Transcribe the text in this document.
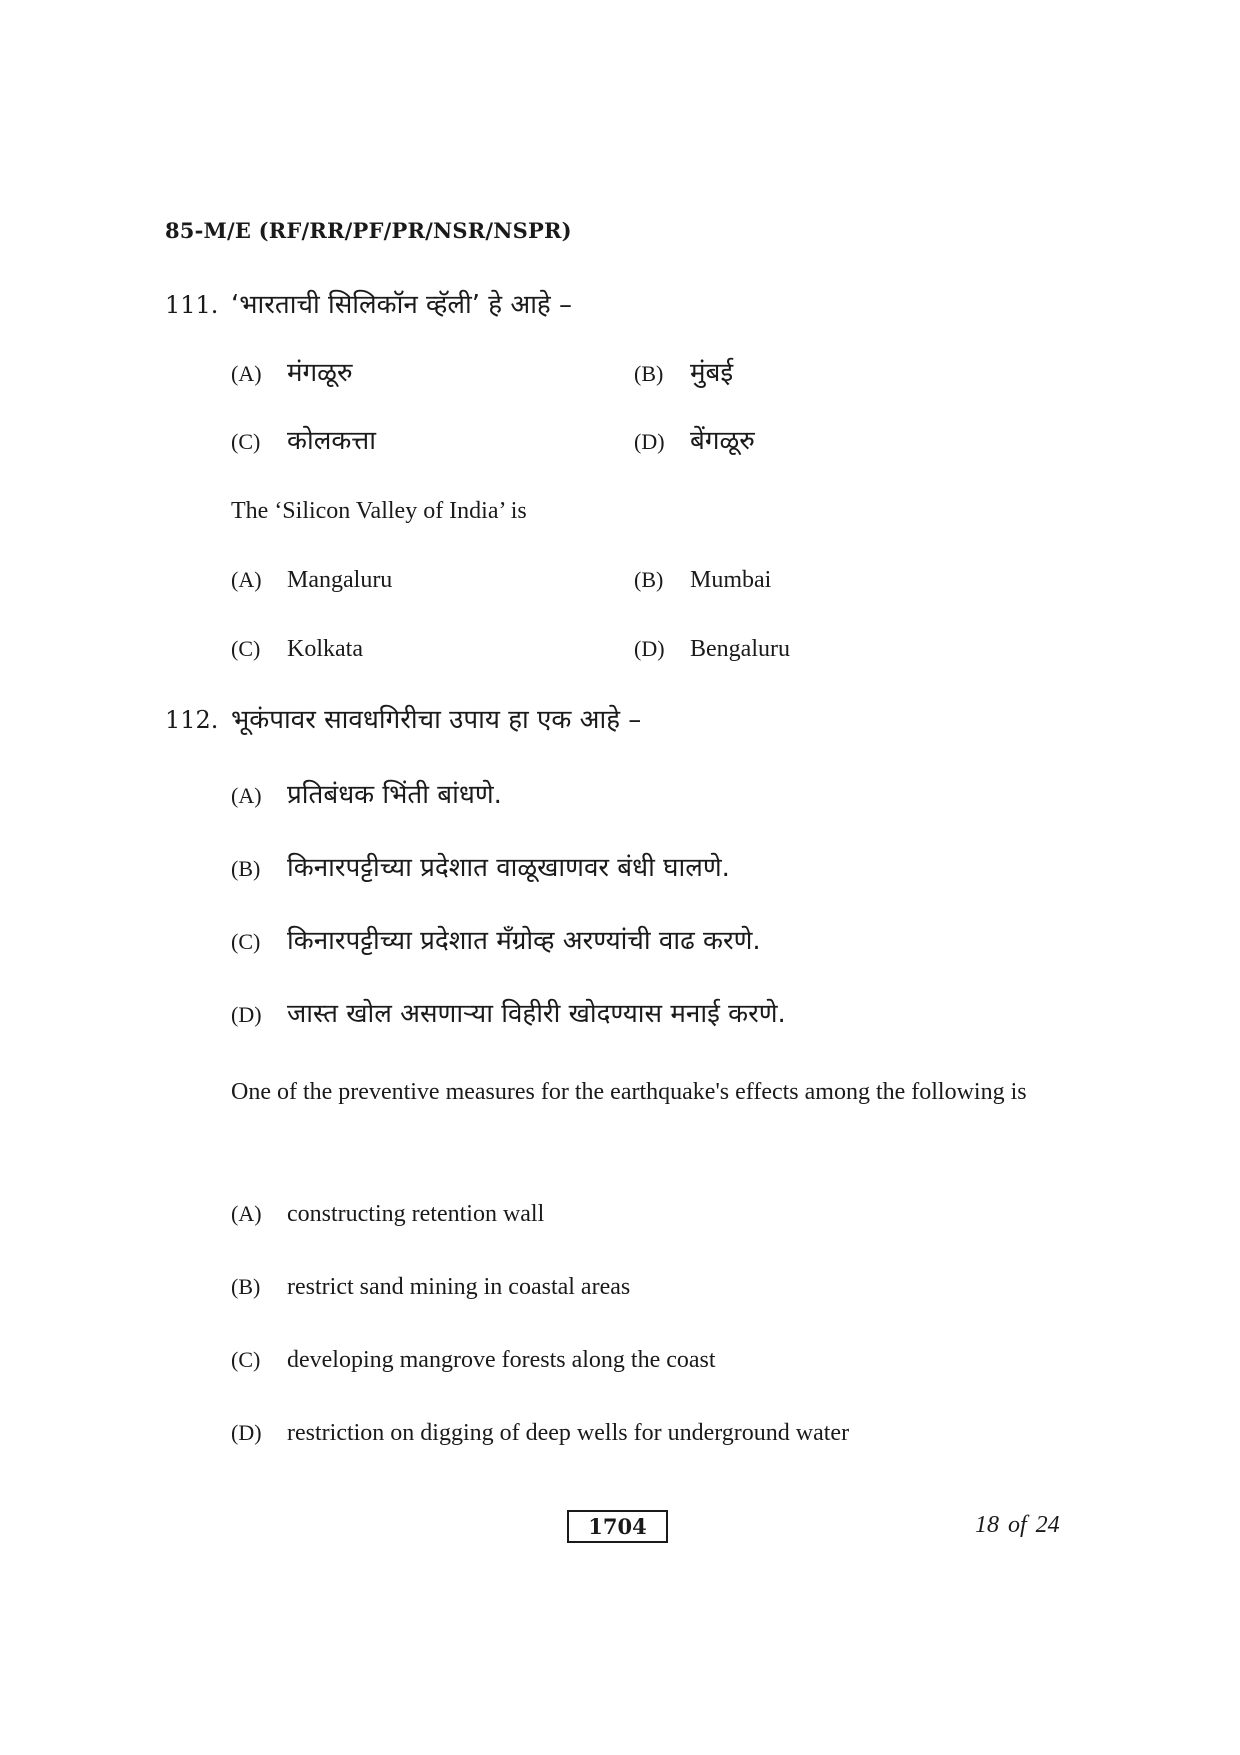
85-M/E (RF/RR/PF/PR/NSR/NSPR)
111. ‘भारताची सिलिकॉन व्हॅली’ हे आहे –
(A) मंगळूरु	(B)	मुंबई
(C)	कोलकत्ता	(D) बेंगळूरु
The ‘Silicon Valley of India’ is
(A)	Mangaluru	(B)	Mumbai
(C)	Kolkata	(D)	Bengaluru
112. भूकंपावर सावधगिरीचा उपाय हा एक आहे –
(A) प्रतिबंधक भिंती बांधणे.
(B)	किनारपट्टीच्या प्रदेशात वाळूखाणवर बंधी घालणे.
(C)	किनारपट्टीच्या प्रदेशात मँग्रोव्ह अरण्यांची वाढ करणे.
(D) जास्त खोल असणाऱ्या विहीरी खोदण्यास मनाई करणे.
One of the preventive measures for the earthquake's effects among the following is
(A)	constructing retention wall
(B)	restrict sand mining in coastal areas
(C)	developing mangrove forests along the coast
(D)	restriction on digging of deep wells for underground water
1704	18 of 24
